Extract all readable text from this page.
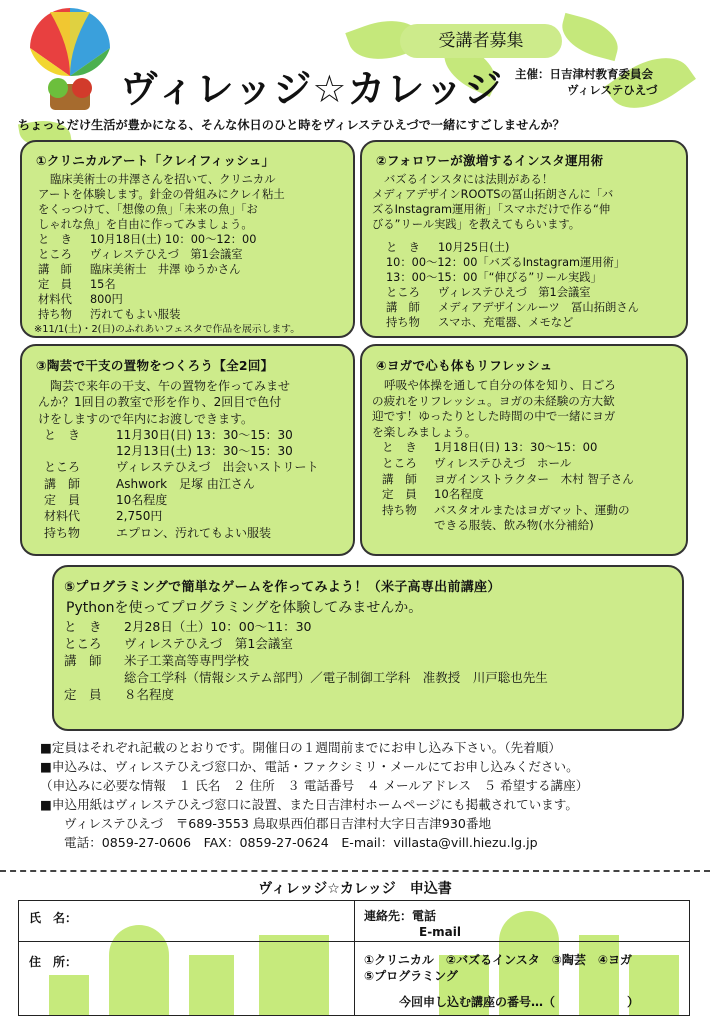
受講者募集
ヴィレッジ☆カレッジ 主催：日吉津村教育委員会
ヴィレステひえづ
ちょっとだけ生活が豊かになる、そんな休日のひと時をヴィレステひえづで一緒にすごしませんか？
①クリニカルアート「クレイフィッシュ」
臨床美術士の井澤さんを招いて、クリニカル
アートを体験します。針金の骨組みにクレイ粘土
をくっつけて、「想像の魚」「未来の魚」「お
しゃれな魚」を自由に作ってみましょう。
と　き	10月18日(土) 10：00～12：00
ところ	ヴィレステひえづ　第1会議室
講　師	臨床美術士　井澤 ゆうかさん
定　員	15名
材料代	800円
持ち物	汚れてもよい服装
※11/1(土)・2(日)のふれあいフェスタで作品を展示します。
②フォロワーが激増するインスタ運用術
バズるインスタには法則がある！
メディアデザインROOTSの冨山拓朗さんに「バ
ズるInstagram運用術」「スマホだけで作る“伸
びる”リール実践」を教えてもらいます。
と　き	10月25日(土)
10：00～12：00「バズるInstagram運用術」
13：00～15：00「“伸びる”リール実践」
ところ	ヴィレステひえづ　第1会議室
講　師	メディアデザインルーツ　冨山拓朗さん
持ち物	スマホ、充電器、メモなど
③陶芸で干支の置物をつくろう【全2回】
陶芸で来年の干支、午の置物を作ってみませ
んか？1回目の教室で形を作り、2回目で色付
けをしますので年内にお渡しできます。
と　き	11月30日(日) 13：30～15：30
12月13日(土) 13：30～15：30
ところ	ヴィレステひえづ　出会いストリート
講　師	Ashwork　足塚 由江さん
定　員	10名程度
材料代	2,750円
持ち物	エプロン、汚れてもよい服装
④ヨガで心も体もリフレッシュ
呼吸や体操を通して自分の体を知り、日ごろ
の疲れをリフレッシュ。ヨガの未経験の方大歓
迎です！ゆったりとした時間の中で一緒にヨガ
を楽しみましょう。
と　き	1月18日(日) 13：30～15：00
ところ	ヴィレステひえづ　ホール
講　師	ヨガインストラクター　木村 智子さん
定　員	10名程度
持ち物	バスタオルまたはヨガマット、運動の
できる服装、飲み物(水分補給)
⑤プログラミングで簡単なゲームを作ってみよう！（米子高専出前講座）
Pythonを使ってプログラミングを体験してみませんか。
と　き	2月28日（土）10：00～11：30
ところ	ヴィレステひえづ　第1会議室
講　師	米子工業高等専門学校
総合工学科（情報システム部門）／電子制御工学科　准教授　川戸聡也先生
定　員	８名程度

■定員はそれぞれ記載のとおりです。開催日の１週間前までにお申し込み下さい。（先着順）

■申込みは、ヴィレステひえづ窓口か、電話・ファクシミリ・メールにてお申し込みください。

（申込みに必要な情報　１ 氏名　２ 住所　３ 電話番号　４ メールアドレス　５ 希望する講座）

■申込用紙はヴィレステひえづ窓口に設置、また日吉津村ホームページにも掲載されています。

ヴィレステひえづ　〒689-3553 鳥取県西伯郡日吉津村大字日吉津930番地

電話：0859-27-0606　FAX：0859-27-0624　E-mail：villasta@vill.hiezu.lg.jp

ヴィレッジ☆カレッジ　申込書
氏　名：	連絡先：電話
E-mail
住　所：	①クリニカル　②バズるインスタ　③陶芸　④ヨガ
⑤プログラミング
今回申し込む講座の番号…（　　　　　　）
